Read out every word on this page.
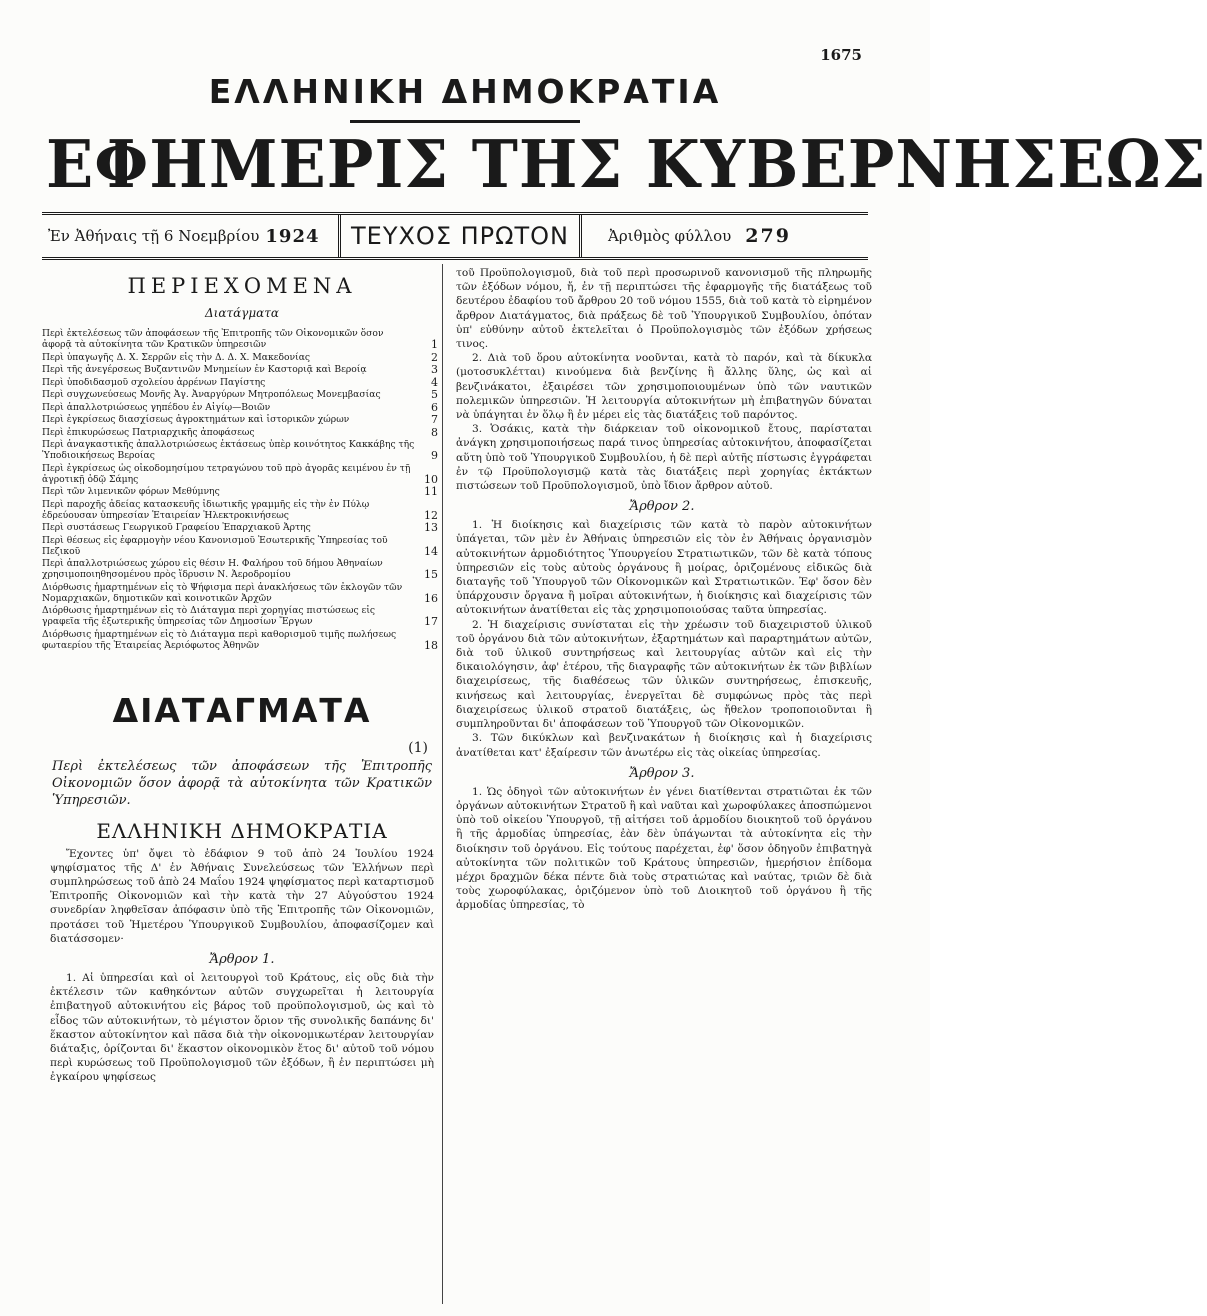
1675
ΕΛΛΗΝΙΚΗ ΔΗΜΟΚΡΑΤΙΑ
ΕΦΗΜΕΡΙΣ ΤΗΣ ΚΥΒΕΡΝΗΣΕΩΣ
Ἐν Ἀθήναις τῇ 6 Νοεμβρίου 1924	ΤΕΥΧΟΣ ΠΡΩΤΟΝ	Ἀριθμὸς φύλλου 279
ΠΕΡΙΕΧΟΜΕΝΑ
Διατάγματα
Περὶ ἐκτελέσεως τῶν ἀποφάσεων τῆς Ἐπιτροπῆς τῶν Οἰκονομικῶν ὅσον ἀφορᾷ τὰ αὐτοκίνητα τῶν Κρατικῶν ὑπηρεσιῶν	1
Περὶ ὑπαγωγῆς Δ. Χ. Σερρῶν εἰς τὴν Δ. Δ. Χ. Μακεδονίας	2
Περὶ τῆς ἀνεγέρσεως Βυζαντινῶν Μνημείων ἐν Καστοριᾷ καὶ Βεροίᾳ	3
Περὶ ὑποδιδασμοῦ σχολείου ἀρρένων Παγίστης	4
Περὶ συγχωνεύσεως Μονῆς Ἀγ. Ἀναργύρων Μητροπόλεως Μονεμβασίας	5
Περὶ ἀπαλλοτριώσεως γηπέδου ἐν Αἰγίῳ—Βοιῶν	6
Περὶ ἐγκρίσεως διασχίσεως ἀγροκτημάτων καὶ ἱστορικῶν χώρων	7
Περὶ ἐπικυρώσεως Πατριαρχικῆς ἀποφάσεως	8
Περὶ ἀναγκαστικῆς ἀπαλλοτριώσεως ἐκτάσεως ὑπὲρ κοινότητος Κακκάβης τῆς Ὑποδιοικήσεως Βεροίας	9
Περὶ ἐγκρίσεως ὡς οἰκοδομησίμου τετραγώνου τοῦ πρὸ ἀγορᾶς κειμένου ἐν τῇ ἀγροτικῇ ὁδῷ Σάμης	10
Περὶ τῶν λιμενικῶν φόρων Μεθύμνης	11
Περὶ παροχῆς ἀδείας κατασκευῆς ἰδιωτικῆς γραμμῆς εἰς τὴν ἐν Πύλῳ ἐδρεύουσαν ὑπηρεσίαν Ἑταιρείαν Ἠλεκτροκινήσεως	12
Περὶ συστάσεως Γεωργικοῦ Γραφείου Ἐπαρχιακοῦ Ἀρτης	13
Περὶ θέσεως εἰς ἐφαρμογὴν νέου Κανονισμοῦ Ἐσωτερικῆς Ὑπηρεσίας τοῦ Πεζικοῦ	14
Περὶ ἀπαλλοτριώσεως χώρου εἰς θέσιν Η. Φαλήρου τοῦ δήμου Ἀθηναίων χρησιμοποιηθησομένου πρὸς ἵδρυσιν Ν. Ἀεροδρομίου	15
Διόρθωσις ἡμαρτημένων εἰς τὸ Ψήφισμα περὶ ἀνακλήσεως τῶν ἐκλογῶν τῶν Νομαρχιακῶν, δημοτικῶν καὶ κοινοτικῶν Ἀρχῶν	16
Διόρθωσις ἡμαρτημένων εἰς τὸ Διάταγμα περὶ χορηγίας πιστώσεως εἰς γραφεῖα τῆς ἐξωτερικῆς ὑπηρεσίας τῶν Δημοσίων Ἔργων	17
Διόρθωσις ἡμαρτημένων εἰς τὸ Διάταγμα περὶ καθορισμοῦ τιμῆς πωλήσεως φωταερίου τῆς Ἑταιρείας Ἀεριόφωτος Ἀθηνῶν	18
ΔΙΑΤΑΓΜΑΤΑ
(1)
Περὶ ἐκτελέσεως τῶν ἀποφάσεων τῆς Ἐπιτροπῆς Οἰκονομιῶν ὅσον ἀφορᾷ τὰ αὐτοκίνητα τῶν Κρατικῶν Ὑπηρεσιῶν.
ΕΛΛΗΝΙΚΗ ΔΗΜΟΚΡΑΤΙΑ

Ἔχοντες ὑπ' ὄψει τὸ ἐδάφιον 9 τοῦ ἀπὸ 24 Ἰουλίου 1924 ψηφίσματος τῆς Δ' ἐν Ἀθήναις Συνελεύσεως τῶν Ἑλλήνων περὶ συμπληρώσεως τοῦ ἀπὸ 24 Μαΐου 1924 ψηφίσματος περὶ καταρτισμοῦ Ἐπιτροπῆς Οἰκονομιῶν καὶ τὴν κατὰ τὴν 27 Αὐγούστου 1924 συνεδρίαν ληφθεῖσαν ἀπόφασιν ὑπὸ τῆς Ἐπιτροπῆς τῶν Οἰκονομιῶν, προτάσει τοῦ Ἡμετέρου Ὑπουργικοῦ Συμβουλίου, ἀποφασίζομεν καὶ διατάσσομεν·

Ἄρθρον 1.

1. Αἱ ὑπηρεσίαι καὶ οἱ λειτουργοὶ τοῦ Κράτους, εἰς οὓς διὰ τὴν ἐκτέλεσιν τῶν καθηκόντων αὐτῶν συγχωρεῖται ἡ λειτουργία ἐπιβατηγοῦ αὐτοκινήτου εἰς βάρος τοῦ προϋπολογισμοῦ, ὡς καὶ τὸ εἶδος τῶν αὐτοκινήτων, τὸ μέγιστον ὅριον τῆς συνολικῆς δαπάνης δι' ἕκαστον αὐτοκίνητον καὶ πᾶσα διὰ τὴν οἰκονομικωτέραν λειτουργίαν διάταξις, ὁρίζονται δι' ἕκαστον οἰκονομικὸν ἔτος δι' αὐτοῦ τοῦ νόμου περὶ κυρώσεως τοῦ Προϋπολογισμοῦ τῶν ἐξόδων, ἢ ἐν περιπτώσει μὴ ἐγκαίρου ψηφίσεως

τοῦ Προϋπολογισμοῦ, διὰ τοῦ περὶ προσωρινοῦ κανονισμοῦ τῆς πληρωμῆς τῶν ἐξόδων νόμου, ἤ, ἐν τῇ περιπτώσει τῆς ἐφαρμογῆς τῆς διατάξεως τοῦ δευτέρου ἐδαφίου τοῦ ἄρθρου 20 τοῦ νόμου 1555, διὰ τοῦ κατὰ τὸ εἰρημένον ἄρθρον Διατάγματος, διὰ πράξεως δὲ τοῦ Ὑπουργικοῦ Συμβουλίου, ὁπόταν ὑπ' εὐθύνην αὐτοῦ ἐκτελεῖται ὁ Προϋπολογισμὸς τῶν ἐξόδων χρήσεως τινος.

2. Διὰ τοῦ ὅρου αὐτοκίνητα νοοῦνται, κατὰ τὸ παρόν, καὶ τὰ δίκυκλα (μοτοσυκλέτται) κινούμενα διὰ βενζίνης ἢ ἄλλης ὕλης, ὡς καὶ αἱ βενζινάκατοι, ἐξαιρέσει τῶν χρησιμοποιουμένων ὑπὸ τῶν ναυτικῶν πολεμικῶν ὑπηρεσιῶν. Ἡ λειτουργία αὐτοκινήτων μὴ ἐπιβατηγῶν δύναται νὰ ὑπάγηται ἐν ὅλῳ ἢ ἐν μέρει εἰς τὰς διατάξεις τοῦ παρόντος.

3. Ὁσάκις, κατὰ τὴν διάρκειαν τοῦ οἰκονομικοῦ ἔτους, παρίσταται ἀνάγκη χρησιμοποιήσεως παρά τινος ὑπηρεσίας αὐτοκινήτου, ἀποφασίζεται αὕτη ὑπὸ τοῦ Ὑπουργικοῦ Συμβουλίου, ἡ δὲ περὶ αὐτῆς πίστωσις ἐγγράφεται ἐν τῷ Προϋπολογισμῷ κατὰ τὰς διατάξεις περὶ χορηγίας ἐκτάκτων πιστώσεων τοῦ Προϋπολογισμοῦ, ὑπὸ ἴδιον ἄρθρον αὐτοῦ.

Ἄρθρον 2.

1. Ἡ διοίκησις καὶ διαχείρισις τῶν κατὰ τὸ παρὸν αὐτοκινήτων ὑπάγεται, τῶν μὲν ἐν Ἀθήναις ὑπηρεσιῶν εἰς τὸν ἐν Ἀθήναις ὀργανισμὸν αὐτοκινήτων ἁρμοδιότητος Ὑπουργείου Στρατιωτικῶν, τῶν δὲ κατὰ τόπους ὑπηρεσιῶν εἰς τοὺς αὐτοὺς ὀργάνους ἢ μοίρας, ὁριζομένους εἰδικῶς διὰ διαταγῆς τοῦ Ὑπουργοῦ τῶν Οἰκονομικῶν καὶ Στρατιωτικῶν. Ἐφ' ὅσον δὲν ὑπάρχουσιν ὄργανα ἢ μοῖραι αὐτοκινήτων, ἡ διοίκησις καὶ διαχείρισις τῶν αὐτοκινήτων ἀνατίθεται εἰς τὰς χρησιμοποιούσας ταῦτα ὑπηρεσίας.

2. Ἡ διαχείρισις συνίσταται εἰς τὴν χρέωσιν τοῦ διαχειριστοῦ ὑλικοῦ τοῦ ὀργάνου διὰ τῶν αὐτοκινήτων, ἐξαρτημάτων καὶ παραρτημάτων αὐτῶν, διὰ τοῦ ὑλικοῦ συντηρήσεως καὶ λειτουργίας αὐτῶν καὶ εἰς τὴν δικαιολόγησιν, ἀφ' ἑτέρου, τῆς διαγραφῆς τῶν αὐτοκινήτων ἐκ τῶν βιβλίων διαχειρίσεως, τῆς διαθέσεως τῶν ὑλικῶν συντηρήσεως, ἐπισκευῆς, κινήσεως καὶ λειτουργίας, ἐνεργεῖται δὲ συμφώνως πρὸς τὰς περὶ διαχειρίσεως ὑλικοῦ στρατοῦ διατάξεις, ὡς ἤθελον τροποποιοῦνται ἢ συμπληροῦνται δι' ἀποφάσεων τοῦ Ὑπουργοῦ τῶν Οἰκονομικῶν.

3. Τῶν δικύκλων καὶ βενζινακάτων ἡ διοίκησις καὶ ἡ διαχείρισις ἀνατίθεται κατ' ἐξαίρεσιν τῶν ἀνωτέρω εἰς τὰς οἰκείας ὑπηρεσίας.

Ἄρθρον 3.

1. Ὡς ὁδηγοὶ τῶν αὐτοκινήτων ἐν γένει διατίθενται στρατιῶται ἐκ τῶν ὀργάνων αὐτοκινήτων Στρατοῦ ἢ καὶ ναῦται καὶ χωροφύλακες ἀποσπώμενοι ὑπὸ τοῦ οἰκείου Ὑπουργοῦ, τῇ αἰτήσει τοῦ ἁρμοδίου διοικητοῦ τοῦ ὀργάνου ἢ τῆς ἁρμοδίας ὑπηρεσίας, ἐὰν δὲν ὑπάγωνται τὰ αὐτοκίνητα εἰς τὴν διοίκησιν τοῦ ὀργάνου. Εἰς τούτους παρέχεται, ἐφ' ὅσον ὁδηγοῦν ἐπιβατηγὰ αὐτοκίνητα τῶν πολιτικῶν τοῦ Κράτους ὑπηρεσιῶν, ἡμερήσιον ἐπίδομα μέχρι δραχμῶν δέκα πέντε διὰ τοὺς στρατιώτας καὶ ναύτας, τριῶν δὲ διὰ τοὺς χωροφύλακας, ὁριζόμενον ὑπὸ τοῦ Διοικητοῦ τοῦ ὀργάνου ἢ τῆς ἁρμοδίας ὑπηρεσίας, τὸ
